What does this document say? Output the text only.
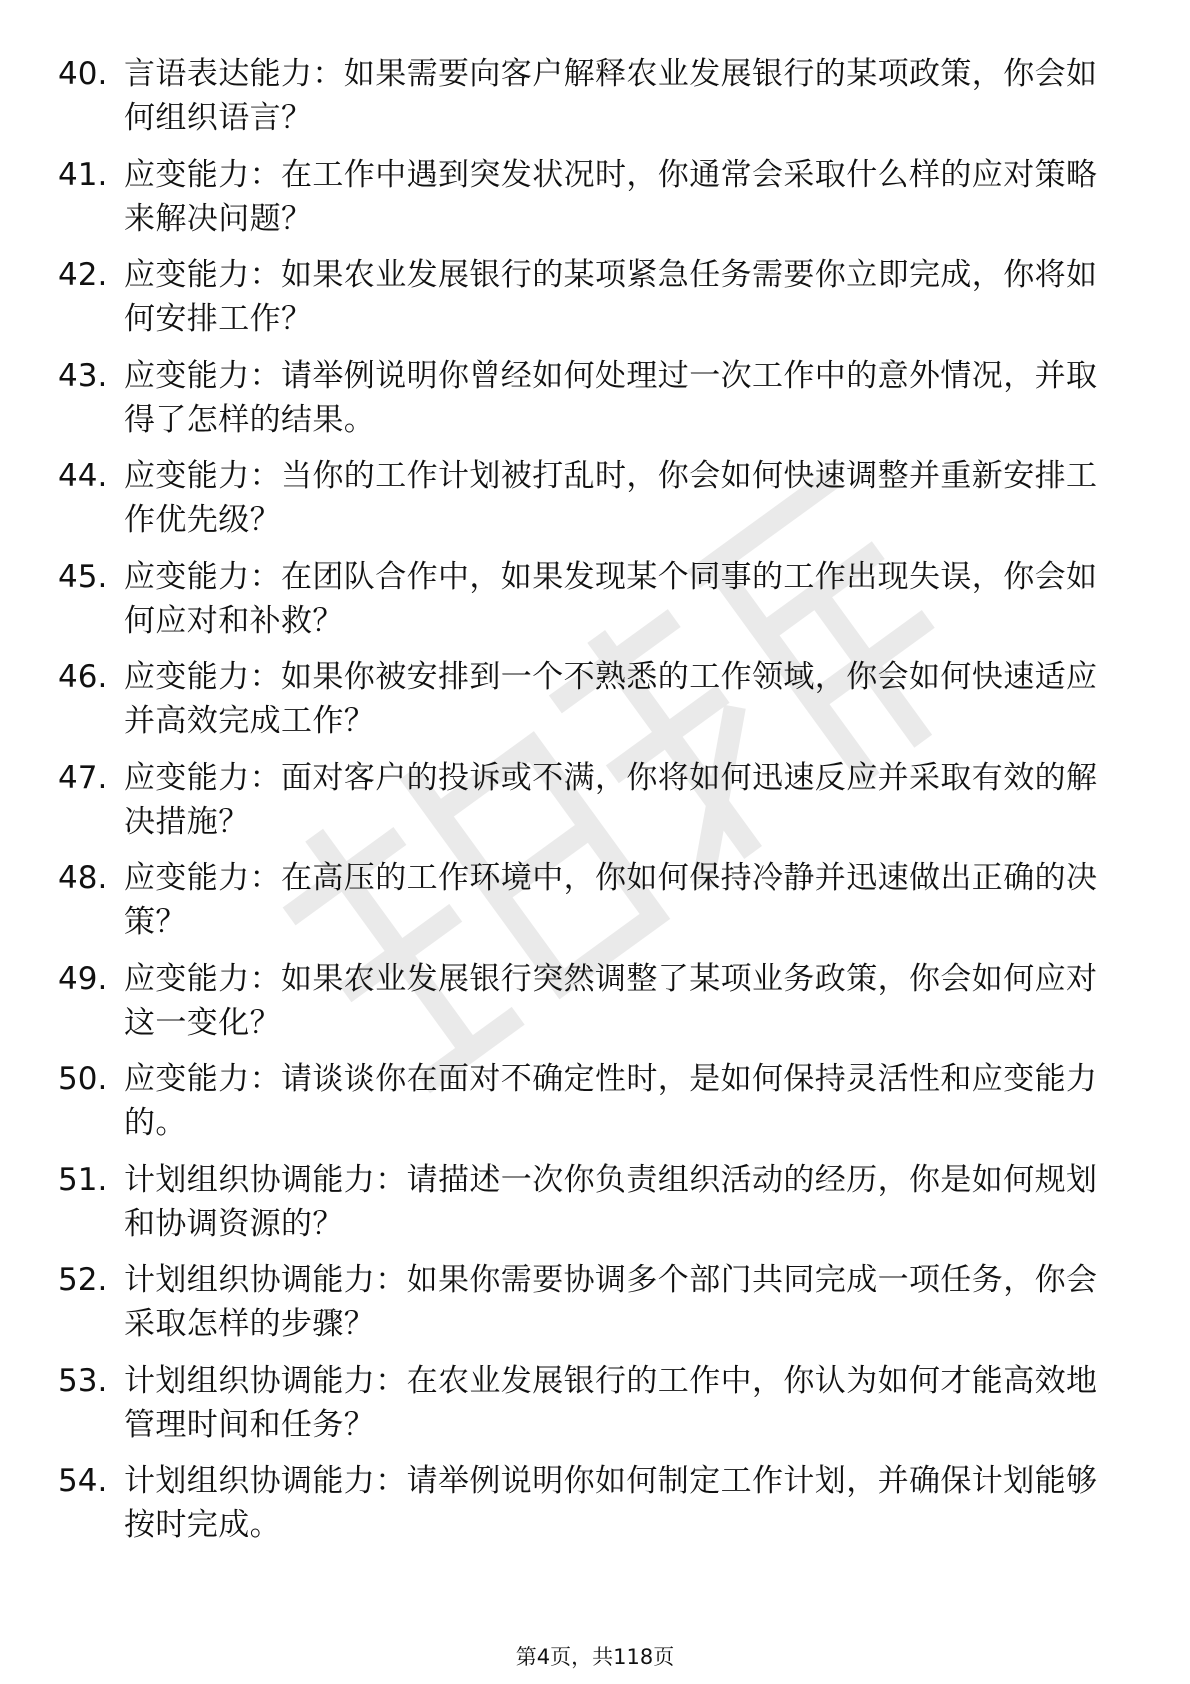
40. 言语表达能力：如果需要向客户解释农业发展银行的某项政策，你会如何组织语言？
41. 应变能力：在工作中遇到突发状况时，你通常会采取什么样的应对策略来解决问题？
42. 应变能力：如果农业发展银行的某项紧急任务需要你立即完成，你将如何安排工作？
43. 应变能力：请举例说明你曾经如何处理过一次工作中的意外情况，并取得了怎样的结果。
44. 应变能力：当你的工作计划被打乱时，你会如何快速调整并重新安排工作优先级？
45. 应变能力：在团队合作中，如果发现某个同事的工作出现失误，你会如何应对和补救？
46. 应变能力：如果你被安排到一个不熟悉的工作领域，你会如何快速适应并高效完成工作？
47. 应变能力：面对客户的投诉或不满，你将如何迅速反应并采取有效的解决措施？
48. 应变能力：在高压的工作环境中，你如何保持冷静并迅速做出正确的决策？
49. 应变能力：如果农业发展银行突然调整了某项业务政策，你会如何应对这一变化？
50. 应变能力：请谈谈你在面对不确定性时，是如何保持灵活性和应变能力的。
51. 计划组织协调能力：请描述一次你负责组织活动的经历，你是如何规划和协调资源的？
52. 计划组织协调能力：如果你需要协调多个部门共同完成一项任务，你会采取怎样的步骤？
53. 计划组织协调能力：在农业发展银行的工作中，你认为如何才能高效地管理时间和任务？
54. 计划组织协调能力：请举例说明你如何制定工作计划，并确保计划能够按时完成。
第4页，共118页
